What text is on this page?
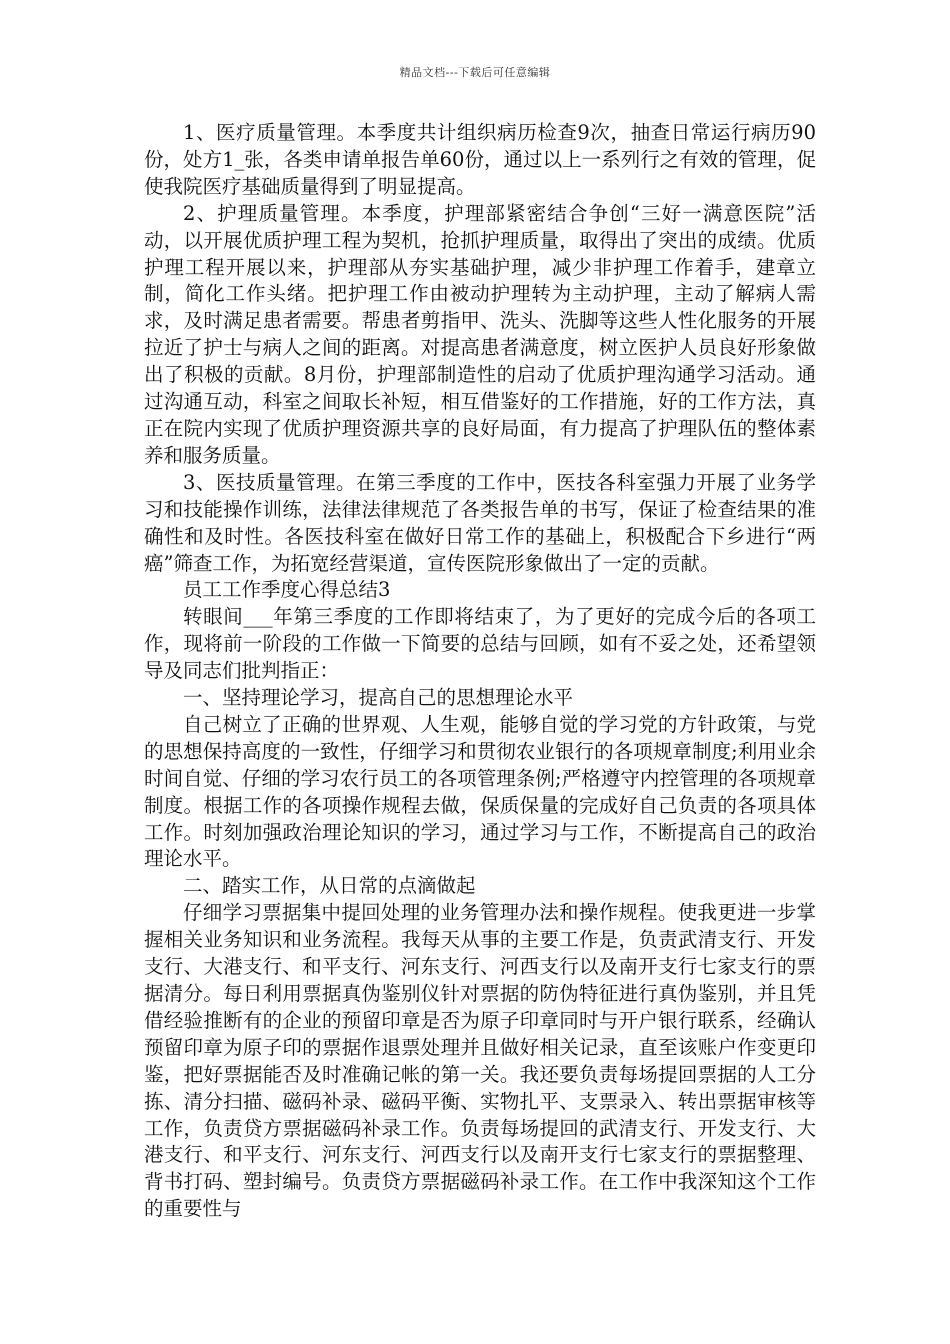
精品文档---下载后可任意编辑

1、医疗质量管理。本季度共计组织病历检查9次，抽查日常运行病历90份，处方1_张，各类申请单报告单60份，通过以上一系列行之有效的管理，促使我院医疗基础质量得到了明显提高。

2、护理质量管理。本季度，护理部紧密结合争创“三好一满意医院”活动，以开展优质护理工程为契机，抢抓护理质量，取得出了突出的成绩。优质护理工程开展以来，护理部从夯实基础护理，减少非护理工作着手，建章立制，简化工作头绪。把护理工作由被动护理转为主动护理，主动了解病人需求，及时满足患者需要。帮患者剪指甲、洗头、洗脚等这些人性化服务的开展拉近了护士与病人之间的距离。对提高患者满意度，树立医护人员良好形象做出了积极的贡献。8月份，护理部制造性的启动了优质护理沟通学习活动。通过沟通互动，科室之间取长补短，相互借鉴好的工作措施，好的工作方法，真正在院内实现了优质护理资源共享的良好局面，有力提高了护理队伍的整体素养和服务质量。

3、医技质量管理。在第三季度的工作中，医技各科室强力开展了业务学习和技能操作训练，法律法律规范了各类报告单的书写，保证了检查结果的准确性和及时性。各医技科室在做好日常工作的基础上，积极配合下乡进行“两癌”筛查工作，为拓宽经营渠道，宣传医院形象做出了一定的贡献。

员工工作季度心得总结3

转眼间___年第三季度的工作即将结束了，为了更好的完成今后的各项工作，现将前一阶段的工作做一下简要的总结与回顾，如有不妥之处，还希望领导及同志们批判指正：

一、坚持理论学习，提高自己的思想理论水平

自己树立了正确的世界观、人生观，能够自觉的学习党的方针政策，与党的思想保持高度的一致性，仔细学习和贯彻农业银行的各项规章制度;利用业余时间自觉、仔细的学习农行员工的各项管理条例;严格遵守内控管理的各项规章制度。根据工作的各项操作规程去做，保质保量的完成好自己负责的各项具体工作。时刻加强政治理论知识的学习，通过学习与工作，不断提高自己的政治理论水平。

二、踏实工作，从日常的点滴做起

仔细学习票据集中提回处理的业务管理办法和操作规程。使我更进一步掌握相关业务知识和业务流程。我每天从事的主要工作是，负责武清支行、开发支行、大港支行、和平支行、河东支行、河西支行以及南开支行七家支行的票据清分。每日利用票据真伪鉴别仪针对票据的防伪特征进行真伪鉴别，并且凭借经验推断有的企业的预留印章是否为原子印章同时与开户银行联系，经确认预留印章为原子印的票据作退票处理并且做好相关记录，直至该账户作变更印鉴，把好票据能否及时准确记帐的第一关。我还要负责每场提回票据的人工分拣、清分扫描、磁码补录、磁码平衡、实物扎平、支票录入、转出票据审核等工作，负责贷方票据磁码补录工作。负责每场提回的武清支行、开发支行、大港支行、和平支行、河东支行、河西支行以及南开支行七家支行的票据整理、背书打码、塑封编号。负责贷方票据磁码补录工作。在工作中我深知这个工作的重要性与
